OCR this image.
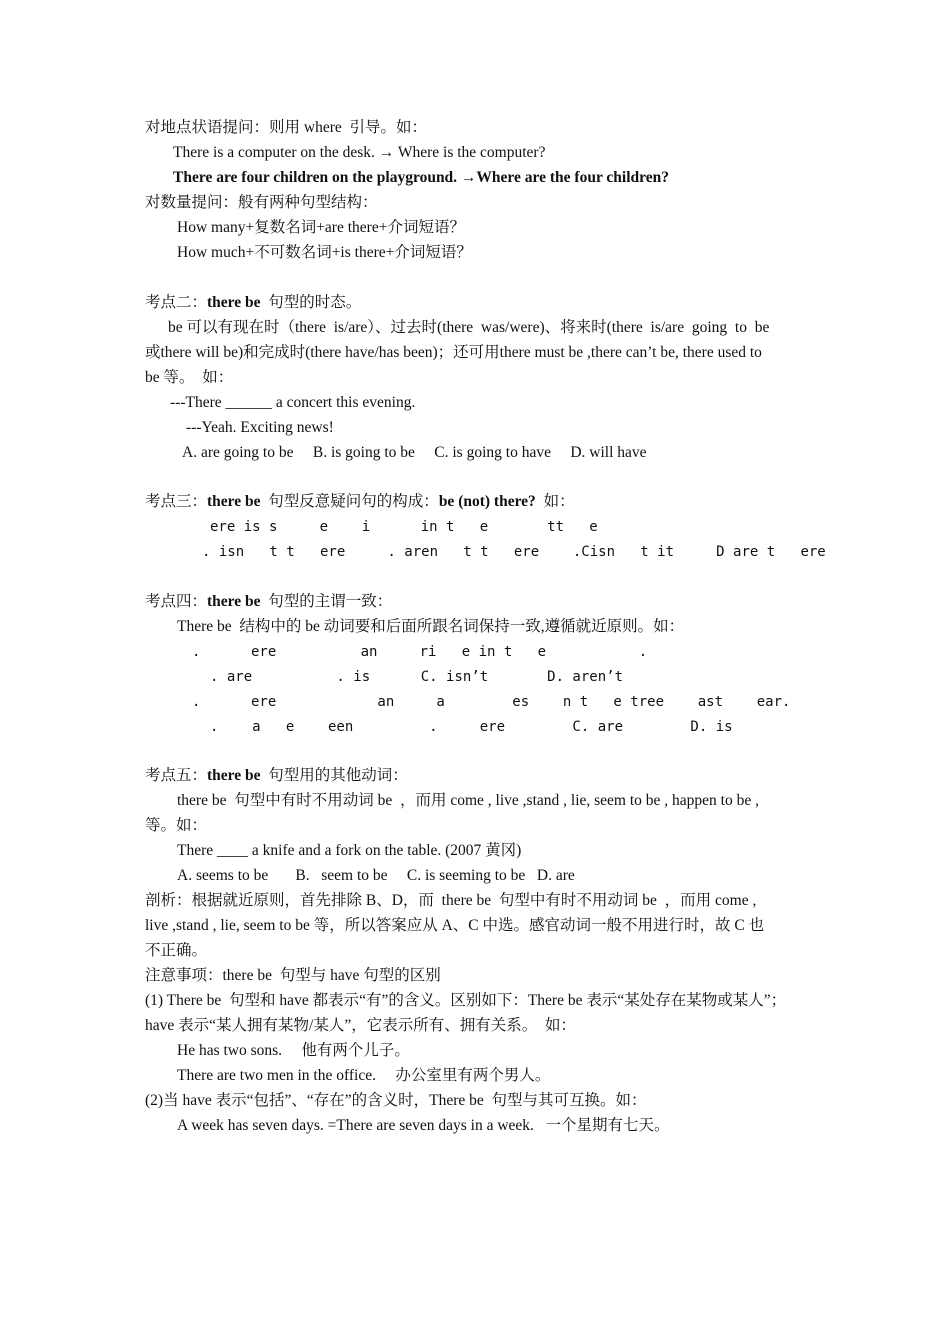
对地点状语提问：则用 where  引导。如：
There is a computer on the desk. → Where is the computer?
There are four children on the playground. →Where are the four children?
对数量提问：般有两种句型结构：
How many+复数名词+are there+介词短语？
How much+不可数名词+is there+介词短语？
考点二：there be  句型的时态。
be 可以有现在时（there  is/are）、过去时(there  was/were)、将来时(there  is/are  going  to  be
或there will be)和完成时(there have/has been)；还可用there must be ,there can’t be, there used to
be 等。  如：
---There ______ a concert this evening.
---Yeah. Exciting news!
A. are going to be     B. is going to be     C. is going to have     D. will have
考点三：there be  句型反意疑问句的构成：be (not) there?  如：
ere is s     e    i      in t   e       tt   e
. isn   t t   ere     . aren   t t   ere    .Cisn   t it     D are t   ere
考点四：there be  句型的主谓一致：
There be  结构中的 be 动词要和后面所跟名词保持一致,遵循就近原则。如：
.      ere          an     ri   e in t   e           .
. are          . is      C. isn’t       D. aren’t
.      ere            an     a        es    n t   e tree    ast    ear.
.    a   e    een         .     ere        C. are        D. is
考点五：there be  句型用的其他动词：
there be  句型中有时不用动词 be  ，而用 come , live ,stand , lie, seem to be , happen to be ,
等。如：
There ____ a knife and a fork on the table. (2007 黄冈)
A. seems to be       B.   seem to be     C. is seeming to be   D. are
剖析：根据就近原则，首先排除 B、D，而  there be  句型中有时不用动词 be  ，而用 come ,
live ,stand , lie, seem to be 等，所以答案应从 A、C 中选。感官动词一般不用进行时，故 C 也
不正确。
注意事项：there be  句型与 have 句型的区别
(1) There be  句型和 have 都表示“有”的含义。区别如下：There be 表示“某处存在某物或某人”；
have 表示“某人拥有某物/某人”，它表示所有、拥有关系。  如：
He has two sons.     他有两个儿子。
There are two men in the office.     办公室里有两个男人。
(2)当 have 表示“包括”、“存在”的含义时，There be  句型与其可互换。如：
A week has seven days. =There are seven days in a week.   一个星期有七天。
